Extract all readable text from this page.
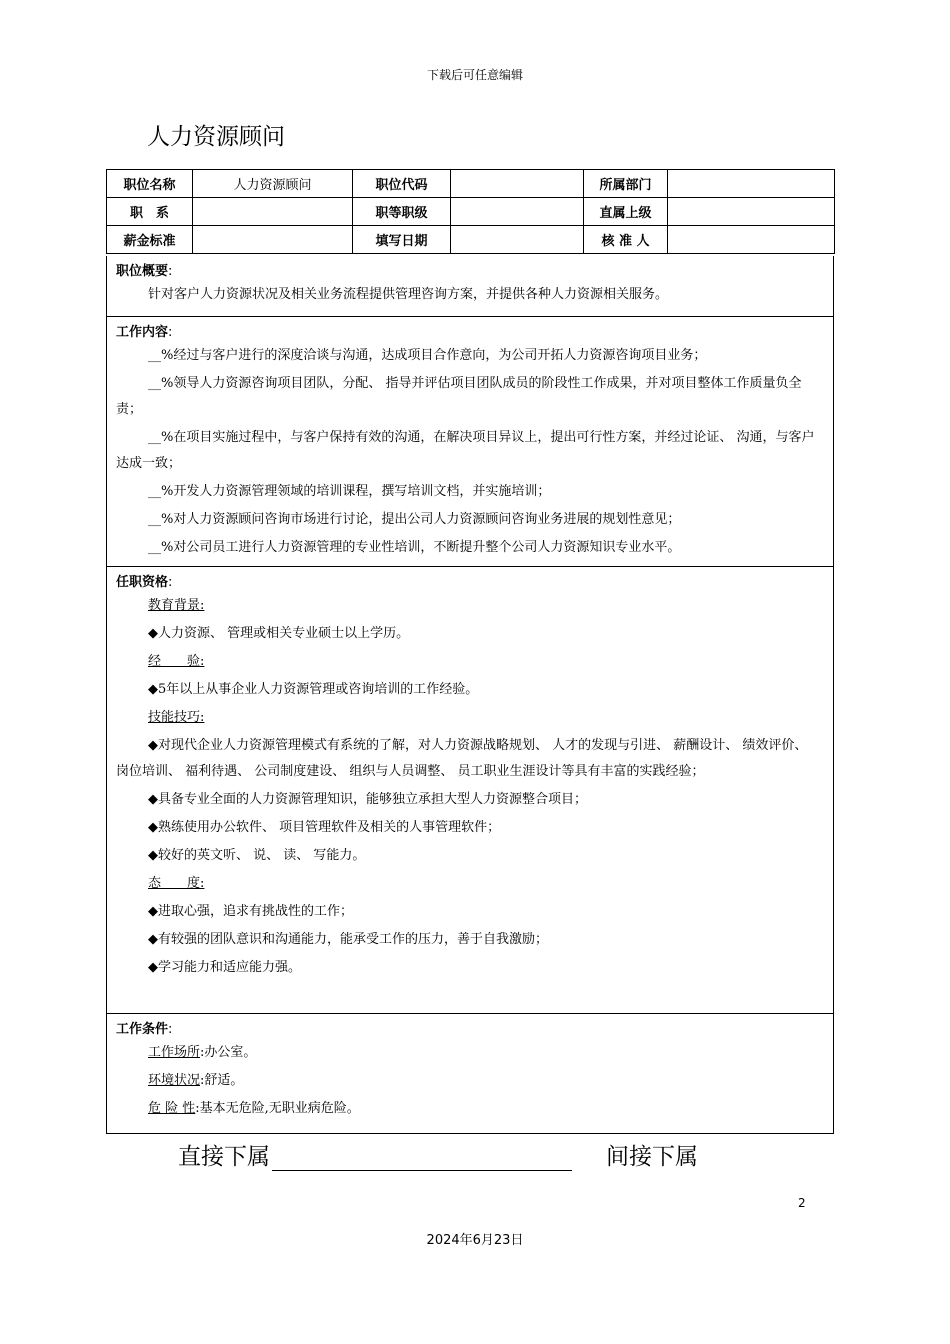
下载后可任意编辑
人力资源顾问
职位名称	人力资源顾问	职位代码		所属部门	
职　系		职等职级		直属上级	
薪金标准		填写日期		核 准 人	
职位概要:
针对客户人力资源状况及相关业务流程提供管理咨询方案，并提供各种人力资源相关服务。
工作内容:
__%经过与客户进行的深度洽谈与沟通，达成项目合作意向，为公司开拓人力资源咨询项目业务；
__%领导人力资源咨询项目团队，分配、 指导并评估项目团队成员的阶段性工作成果，并对项目整体工作质量负全责；
__%在项目实施过程中，与客户保持有效的沟通，在解决项目异议上，提出可行性方案，并经过论证、 沟通，与客户达成一致；
__%开发人力资源管理领域的培训课程，撰写培训文档，并实施培训；
__%对人力资源顾问咨询市场进行讨论，提出公司人力资源顾问咨询业务进展的规划性意见；
__%对公司员工进行人力资源管理的专业性培训，不断提升整个公司人力资源知识专业水平。
任职资格:
教育背景:
◆人力资源、 管理或相关专业硕士以上学历。
经　　验:
◆5年以上从事企业人力资源管理或咨询培训的工作经验。
技能技巧:
◆对现代企业人力资源管理模式有系统的了解，对人力资源战略规划、 人才的发现与引进、 薪酬设计、 绩效评价、 岗位培训、 福利待遇、 公司制度建设、 组织与人员调整、 员工职业生涯设计等具有丰富的实践经验；
◆具备专业全面的人力资源管理知识，能够独立承担大型人力资源整合项目；
◆熟练使用办公软件、 项目管理软件及相关的人事管理软件；
◆较好的英文听、 说、 读、 写能力。
态　　度:
◆进取心强，追求有挑战性的工作；
◆有较强的团队意识和沟通能力，能承受工作的压力，善于自我激励；
◆学习能力和适应能力强。
工作条件:
工作场所:办公室。
环境状况:舒适。
危 险 性:基本无危险,无职业病危险。
直接下属	间接下属
2
2024年6月23日
